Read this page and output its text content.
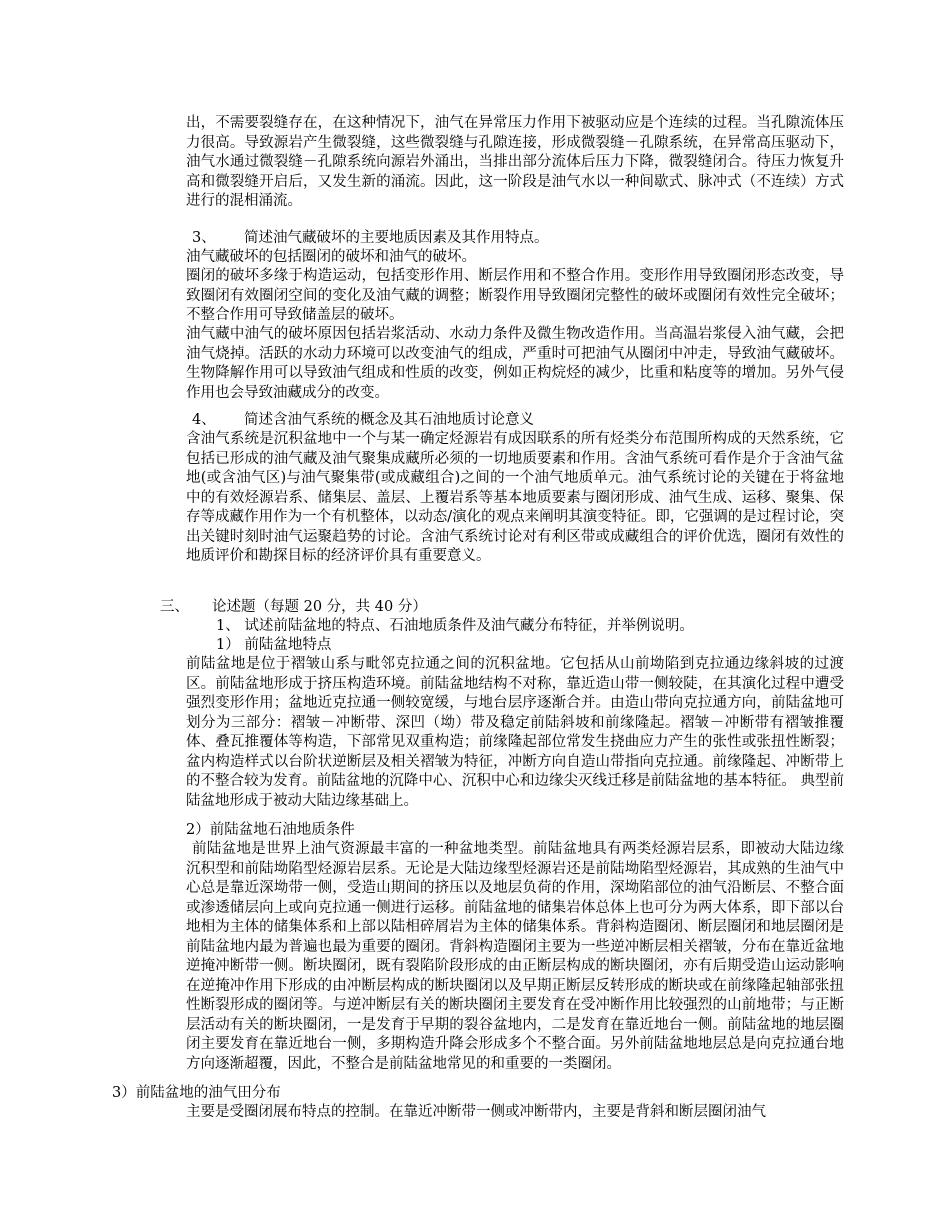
出，不需要裂缝存在，在这种情况下，油气在异常压力作用下被驱动应是个连续的过程。当孔隙流体压力很高。导致源岩产生微裂缝，这些微裂缝与孔隙连接，形成微裂缝－孔隙系统，在异常高压驱动下，油气水通过微裂缝－孔隙系统向源岩外涌出，当排出部分流体后压力下降，微裂缝闭合。待压力恢复升高和微裂缝开启后，又发生新的涌流。因此，这一阶段是油气水以一种间歇式、脉冲式（不连续）方式进行的混相涌流。

3、 简述油气藏破坏的主要地质因素及其作用特点。

油气藏破坏的包括圈闭的破坏和油气的破坏。

圈闭的破坏多缘于构造运动，包括变形作用、断层作用和不整合作用。变形作用导致圈闭形态改变，导致圈闭有效圈闭空间的变化及油气藏的调整；断裂作用导致圈闭完整性的破坏或圈闭有效性完全破坏；不整合作用可导致储盖层的破坏。

油气藏中油气的破坏原因包括岩浆活动、水动力条件及微生物改造作用。当高温岩浆侵入油气藏，会把油气烧掉。活跃的水动力环境可以改变油气的组成，严重时可把油气从圈闭中冲走，导致油气藏破坏。生物降解作用可以导致油气组成和性质的改变，例如正构烷烃的减少，比重和粘度等的增加。另外气侵作用也会导致油藏成分的改变。

4、 简述含油气系统的概念及其石油地质讨论意义

含油气系统是沉积盆地中一个与某一确定烃源岩有成因联系的所有烃类分布范围所构成的天然系统，它包括已形成的油气藏及油气聚集成藏所必须的一切地质要素和作用。含油气系统可看作是介于含油气盆地(或含油气区)与油气聚集带(或成藏组合)之间的一个油气地质单元。油气系统讨论的关键在于将盆地中的有效烃源岩系、储集层、盖层、上覆岩系等基本地质要素与圈闭形成、油气生成、运移、聚集、保存等成藏作用作为一个有机整体，以动态/演化的观点来阐明其演变特征。即，它强调的是过程讨论，突出关键时刻时油气运聚趋势的讨论。含油气系统讨论对有利区带或成藏组合的评价优选，圈闭有效性的地质评价和勘探目标的经济评价具有重要意义。

三、 论述题（每题 20 分，共 40 分）

1、 试述前陆盆地的特点、石油地质条件及油气藏分布特征，并举例说明。

1） 前陆盆地特点

前陆盆地是位于褶皱山系与毗邻克拉通之间的沉积盆地。它包括从山前坳陷到克拉通边缘斜坡的过渡区。前陆盆地形成于挤压构造环境。前陆盆地结构不对称，靠近造山带一侧较陡，在其演化过程中遭受强烈变形作用；盆地近克拉通一侧较宽缓，与地台层序逐渐合并。由造山带向克拉通方向，前陆盆地可划分为三部分：褶皱－冲断带、深凹（坳）带及稳定前陆斜坡和前缘隆起。褶皱－冲断带有褶皱推覆体、叠瓦推覆体等构造，下部常见双重构造；前缘隆起部位常发生挠曲应力产生的张性或张扭性断裂；盆内构造样式以台阶状逆断层及相关褶皱为特征，冲断方向自造山带指向克拉通。前缘隆起、冲断带上的不整合较为发育。前陆盆地的沉降中心、沉积中心和边缘尖灭线迁移是前陆盆地的基本特征。 典型前陆盆地形成于被动大陆边缘基础上。

2）前陆盆地石油地质条件

前陆盆地是世界上油气资源最丰富的一种盆地类型。前陆盆地具有两类烃源岩层系，即被动大陆边缘沉积型和前陆坳陷型烃源岩层系。无论是大陆边缘型烃源岩还是前陆坳陷型烃源岩，其成熟的生油气中心总是靠近深坳带一侧，受造山期间的挤压以及地层负荷的作用，深坳陷部位的油气沿断层、不整合面或渗透储层向上或向克拉通一侧进行运移。前陆盆地的储集岩体总体上也可分为两大体系，即下部以台地相为主体的储集体系和上部以陆相碎屑岩为主体的储集体系。背斜构造圈闭、断层圈闭和地层圈闭是前陆盆地内最为普遍也最为重要的圈闭。背斜构造圈闭主要为一些逆冲断层相关褶皱，分布在靠近盆地逆掩冲断带一侧。断块圈闭，既有裂陷阶段形成的由正断层构成的断块圈闭，亦有后期受造山运动影响在逆掩冲作用下形成的由冲断层构成的断块圈闭以及早期正断层反转形成的断块或在前缘隆起轴部张扭性断裂形成的圈闭等。与逆冲断层有关的断块圈闭主要发育在受冲断作用比较强烈的山前地带；与正断层活动有关的断块圈闭，一是发育于早期的裂谷盆地内，二是发育在靠近地台一侧。前陆盆地的地层圈闭主要发育在靠近地台一侧，多期构造升降会形成多个不整合面。另外前陆盆地地层总是向克拉通台地方向逐渐超覆，因此，不整合是前陆盆地常见的和重要的一类圈闭。

3）前陆盆地的油气田分布

主要是受圈闭展布特点的控制。在靠近冲断带一侧或冲断带内，主要是背斜和断层圈闭油气
